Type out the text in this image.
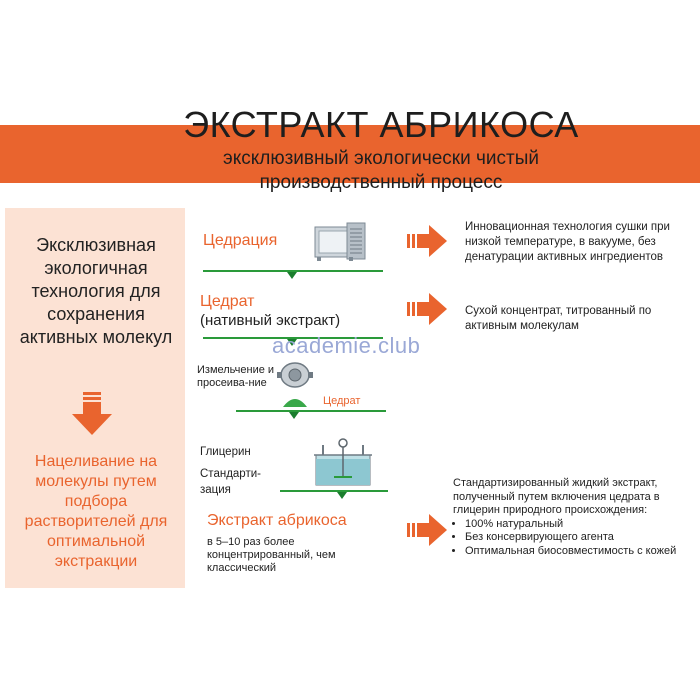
ЭКСТРАКТ АБРИКОСА
эксклюзивный экологически чистый
производственный процесс
Эксклюзивная экологичная технология для сохранения активных молекул
Нацеливание на молекулы путем подбора растворителей для оптимальной экстракции
Цедрация
Инновационная технология сушки при низкой температуре, в вакууме, без денатурации активных ингредиентов
Цедрат
(нативный экстракт)
Сухой концентрат, титрованный по активным молекулам
academie.club
Измельчение и просеива-ние
Цедрат
Глицерин
Стандарти-зация
Экстракт абрикоса
в 5–10 раз более концентрированный, чем классический
Стандартизированный жидкий экстракт, полученный путем включения цедрата в глицерин природного происхождения:
• 100% натуральный
• Без консервирующего агента
• Оптимальная биосовместимость с кожей
